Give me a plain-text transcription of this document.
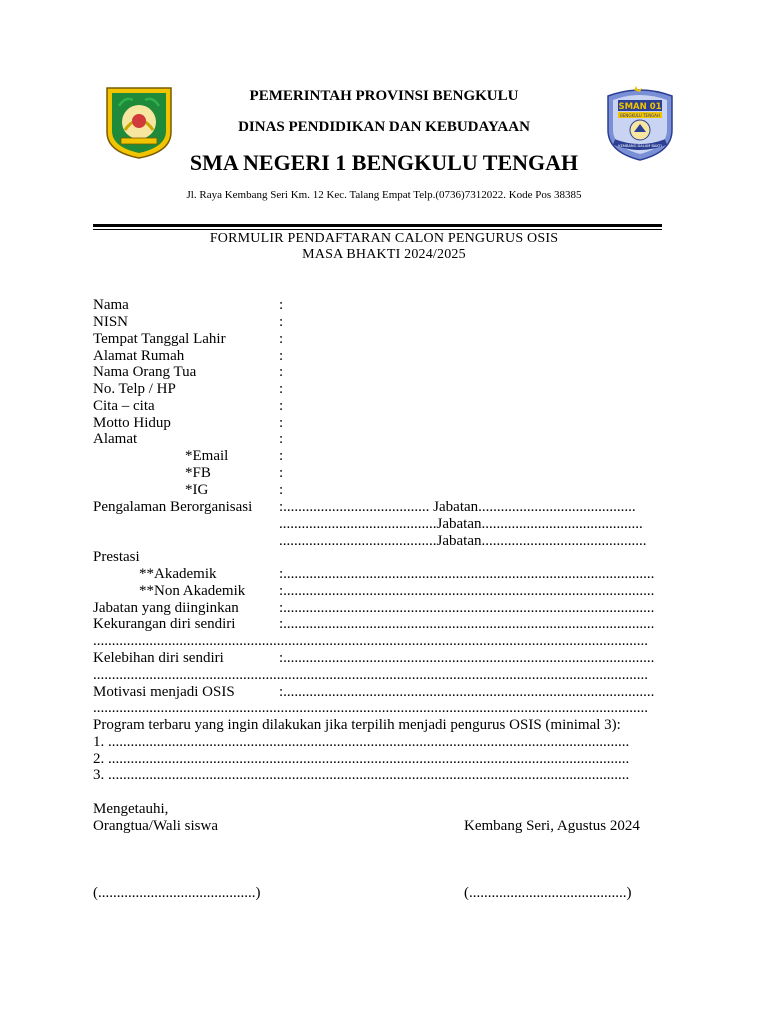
SMAN 01
BENGKULU TENGAH
KEMBANG DALAM BAKTI
PEMERINTAH PROVINSI BENGKULU
DINAS PENDIDIKAN DAN KEBUDAYAAN
SMA NEGERI 1 BENGKULU TENGAH
Jl. Raya Kembang Seri Km. 12 Kec. Talang Empat Telp.(0736)7312022. Kode Pos 38385
FORMULIR PENDAFTARAN CALON PENGURUS OSIS
MASA BHAKTI 2024/2025
Nama	:
NISN	:
Tempat Tanggal Lahir	:
Alamat Rumah	:
Nama Orang Tua	:
No. Telp / HP	:
Cita – cita	:
Motto Hidup	:
Alamat	:
*Email	:
*FB	:
*IG	:
Pengalaman Berorganisasi :....................................... Jabatan..........................................
..........................................Jabatan...........................................
..........................................Jabatan............................................
Prestasi
**Akademik	:...................................................................................................
**Non Akademik :...................................................................................................
Jabatan yang diinginkan	:...................................................................................................
Kekurangan diri sendiri	:...................................................................................................
....................................................................................................................................................
Kelebihan diri sendiri	:...................................................................................................
....................................................................................................................................................
Motivasi menjadi OSIS	:...................................................................................................
....................................................................................................................................................
Program terbaru yang ingin dilakukan jika terpilih menjadi pengurus OSIS (minimal 3):
1. ...........................................................................................................................................
2. ...........................................................................................................................................
3. ...........................................................................................................................................
Mengetauhi,
Orangtua/Wali siswa	Kembang Seri, Agustus 2024
(..........................................)	(..........................................)
